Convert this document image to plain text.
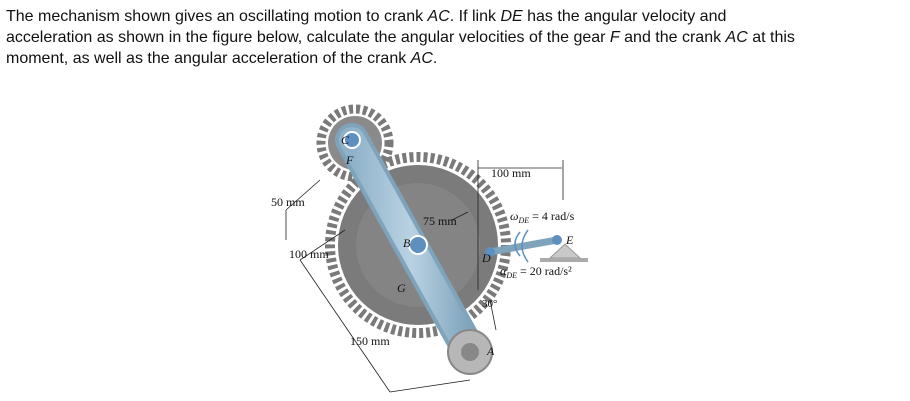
The mechanism shown gives an oscillating motion to crank AC. If link DE has the angular velocity and
acceleration as shown in the figure below, calculate the angular velocities of the gear F and the crank AC at this
moment, as well as the angular acceleration of the crank AC.
50 mm
100 mm
150 mm
75 mm
100 mm
$\omega_{DE} = 4$ rad/s
$\alpha_{DE} = 20$ rad/s²
30°
C
F
B
G
D
E
A
